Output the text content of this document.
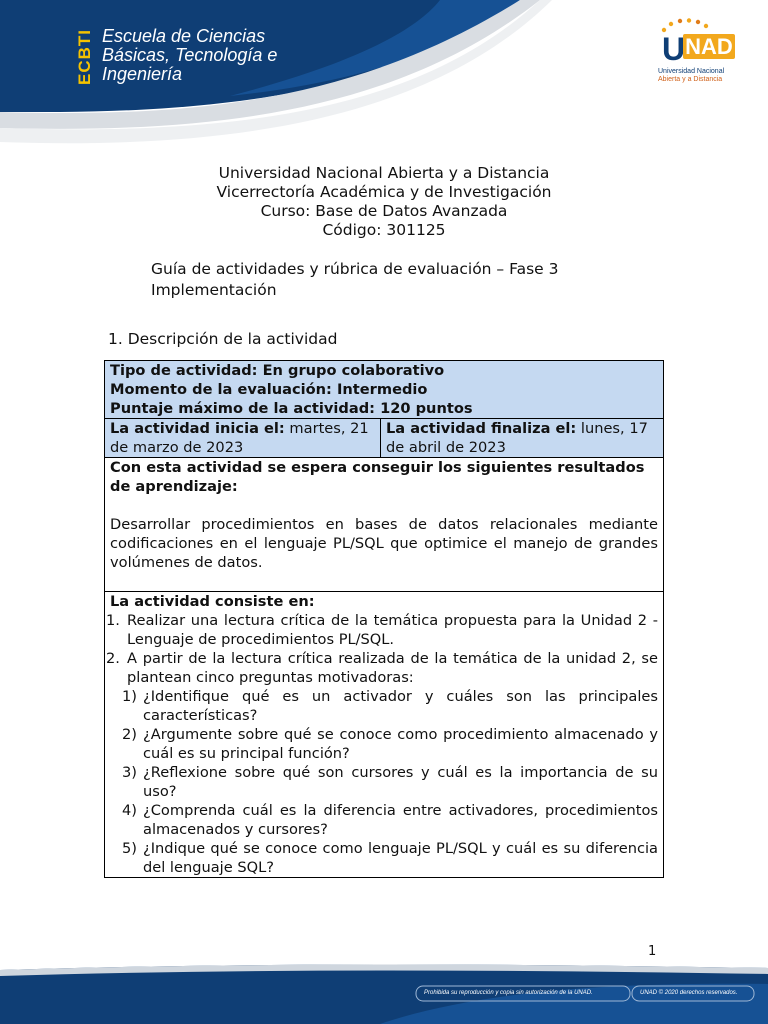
ECBTI Escuela de Ciencias
Básicas, Tecnología e
Ingeniería
UNAD
Universidad Nacional
Abierta y a Distancia
Universidad Nacional Abierta y a Distancia
Vicerrectoría Académica y de Investigación
Curso: Base de Datos Avanzada
Código: 301125
Guía de actividades y rúbrica de evaluación – Fase 3 Implementación
1. Descripción de la actividad
Tipo de actividad: En grupo colaborativo
Momento de la evaluación: Intermedio
Puntaje máximo de la actividad: 120 puntos

La actividad inicia el: martes, 21 de marzo de 2023	La actividad finaliza el: lunes, 17 de abril de 2023

Con esta actividad se espera conseguir los siguientes resultados de aprendizaje:
Desarrollar procedimientos en bases de datos relacionales mediante codificaciones en el lenguaje PL/SQL que optimice el manejo de grandes volúmenes de datos.

La actividad consiste en:
1. Realizar una lectura crítica de la temática propuesta para la Unidad 2 - Lenguaje de procedimientos PL/SQL.
2. A partir de la lectura crítica realizada de la temática de la unidad 2, se plantean cinco preguntas motivadoras:
1) ¿Identifique qué es un activador y cuáles son las principales características?
2) ¿Argumente sobre qué se conoce como procedimiento almacenado y cuál es su principal función?
3) ¿Reflexione sobre qué son cursores y cuál es la importancia de su uso?
4) ¿Comprenda cuál es la diferencia entre activadores, procedimientos almacenados y cursores?
5) ¿Indique qué se conoce como lenguaje PL/SQL y cuál es su diferencia del lenguaje SQL?
1
Prohibida su reproducción y copia sin autorización de la UNAD.	UNAD © 2020 derechos reservados.
